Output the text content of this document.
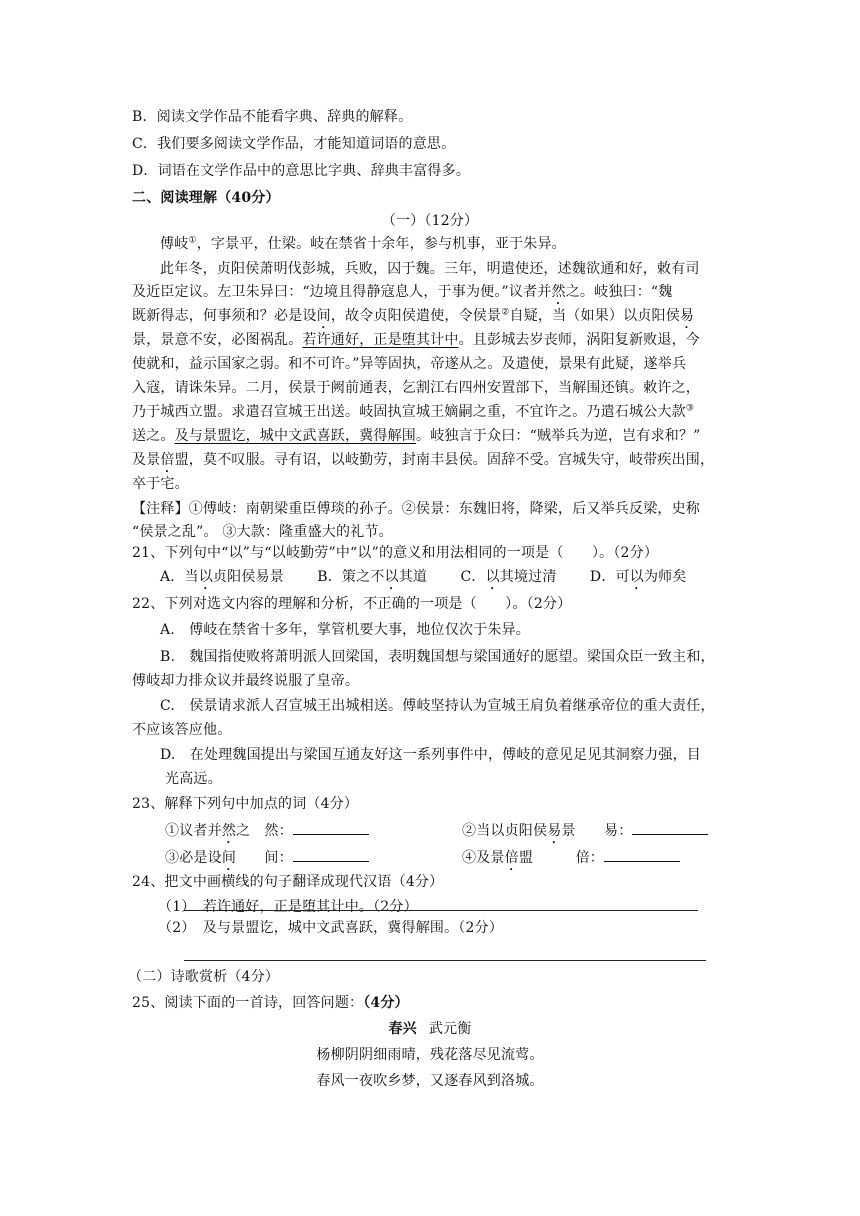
B．阅读文学作品不能看字典、辞典的解释。
C．我们要多阅读文学作品，才能知道词语的意思。
D．词语在文学作品中的意思比字典、辞典丰富得多。
二、阅读理解（40分）
（一）（12分）
傅岐①，字景平，仕梁。岐在禁省十余年，参与机事，亚于朱异。
此年冬，贞阳侯萧明伐彭城，兵败，囚于魏。三年，明遣使还，述魏欲通和好，敕有司
及近臣定议。左卫朱异曰：“边境且得静寇息人，于事为便。”议者并然之。岐独曰：“魏
既新得志，何事须和？必是设间，故令贞阳侯遣使，令侯景②自疑，当（如果）以贞阳侯易
景，景意不安，必图祸乱。若许通好，正是堕其计中。且彭城去岁丧师，涡阳复新败退，今
使就和，益示国家之弱。和不可许。”异等固执，帝遂从之。及遣使，景果有此疑，遂举兵
入寇，请诛朱异。二月，侯景于阙前通表，乞割江右四州安置部下，当解围还镇。敕许之，
乃于城西立盟。求遣召宣城王出送。岐固执宣城王嫡嗣之重，不宜许之。乃遣石城公大款③
送之。及与景盟讫，城中文武喜跃，冀得解围。岐独言于众曰：“贼举兵为逆，岂有求和？”
及景倍盟，莫不叹服。寻有诏，以岐勤劳，封南丰县侯。固辞不受。宫城失守，岐带疾出围，
卒于宅。
【注释】①傅岐：南朝梁重臣傅琰的孙子。②侯景：东魏旧将，降梁，后又举兵反梁，史称
“侯景之乱”。 ③大款：隆重盛大的礼节。
21、下列句中“以”与“以岐勤劳”中“以”的意义和用法相同的一项是（　　）。（2分）
A．当以贞阳侯易景 B．策之不以其道 C．以其境过清 D．可以为师矣
22、下列对选文内容的理解和分析，不正确的一项是（　　）。（2分）
A.　傅岐在禁省十多年，掌管机要大事，地位仅次于朱异。
B.　魏国指使败将萧明派人回梁国，表明魏国想与梁国通好的愿望。梁国众臣一致主和，
傅岐却力排众议并最终说服了皇帝。
C.　侯景请求派人召宣城王出城相送。傅岐坚持认为宣城王肩负着继承帝位的重大责任，
不应该答应他。
D.　在处理魏国提出与梁国互通友好这一系列事件中，傅岐的意见足见其洞察力强，目
光高远。
23、解释下列句中加点的词（4分）
①议者并然之　然：	②当以贞阳侯易景　　易：
③必是设间　　间：	④及景倍盟　　　倍：
24、把文中画横线的句子翻译成现代汉语（4分）
（1）　若许通好，正是堕其计中。（2分）
（2）　及与景盟讫，城中文武喜跃，冀得解围。（2分）
（二）诗歌赏析（4分）
25、阅读下面的一首诗，回答问题：（4分）
春兴 武元衡
杨柳阴阴细雨晴，残花落尽见流莺。
春风一夜吹乡梦，又逐春风到洛城。
